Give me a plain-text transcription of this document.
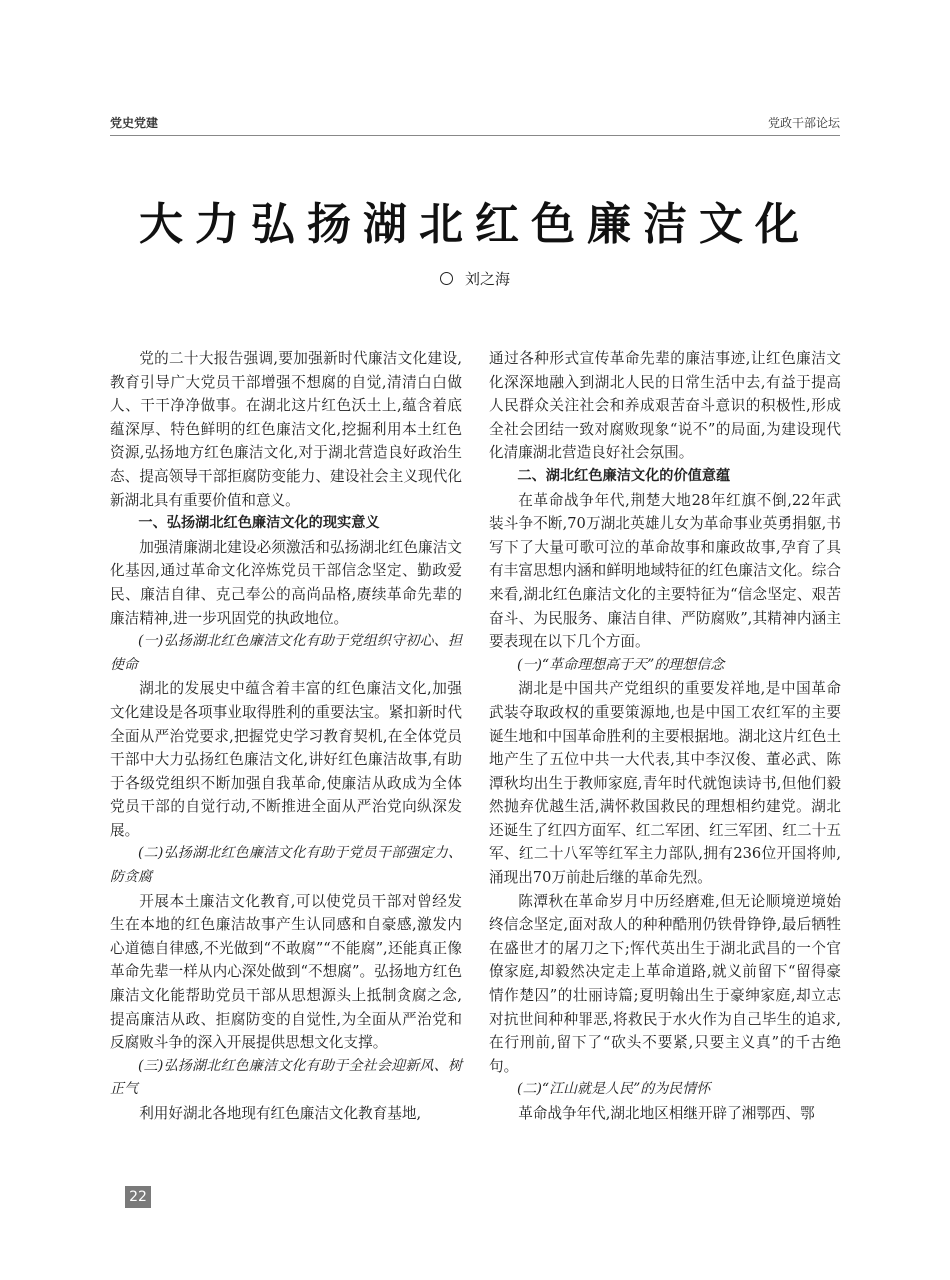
党史党建	党政干部论坛
大力弘扬湖北红色廉洁文化
刘之海

党的二十大报告强调,要加强新时代廉洁文化建设,教育引导广大党员干部增强不想腐的自觉,清清白白做人、干干净净做事。在湖北这片红色沃土上,蕴含着底蕴深厚、特色鲜明的红色廉洁文化,挖掘利用本土红色资源,弘扬地方红色廉洁文化,对于湖北营造良好政治生态、提高领导干部拒腐防变能力、建设社会主义现代化新湖北具有重要价值和意义。

一、弘扬湖北红色廉洁文化的现实意义

加强清廉湖北建设必须激活和弘扬湖北红色廉洁文化基因,通过革命文化淬炼党员干部信念坚定、勤政爱民、廉洁自律、克己奉公的高尚品格,赓续革命先辈的廉洁精神,进一步巩固党的执政地位。

(一)弘扬湖北红色廉洁文化有助于党组织守初心、担使命

湖北的发展史中蕴含着丰富的红色廉洁文化,加强文化建设是各项事业取得胜利的重要法宝。紧扣新时代全面从严治党要求,把握党史学习教育契机,在全体党员干部中大力弘扬红色廉洁文化,讲好红色廉洁故事,有助于各级党组织不断加强自我革命,使廉洁从政成为全体党员干部的自觉行动,不断推进全面从严治党向纵深发展。

(二)弘扬湖北红色廉洁文化有助于党员干部强定力、防贪腐

开展本土廉洁文化教育,可以使党员干部对曾经发生在本地的红色廉洁故事产生认同感和自豪感,激发内心道德自律感,不光做到“不敢腐”“不能腐”,还能真正像革命先辈一样从内心深处做到“不想腐”。弘扬地方红色廉洁文化能帮助党员干部从思想源头上抵制贪腐之念,提高廉洁从政、拒腐防变的自觉性,为全面从严治党和反腐败斗争的深入开展提供思想文化支撑。

(三)弘扬湖北红色廉洁文化有助于全社会迎新风、树正气

利用好湖北各地现有红色廉洁文化教育基地,

通过各种形式宣传革命先辈的廉洁事迹,让红色廉洁文化深深地融入到湖北人民的日常生活中去,有益于提高人民群众关注社会和养成艰苦奋斗意识的积极性,形成全社会团结一致对腐败现象“说不”的局面,为建设现代化清廉湖北营造良好社会氛围。

二、湖北红色廉洁文化的价值意蕴

在革命战争年代,荆楚大地28年红旗不倒,22年武装斗争不断,70万湖北英雄儿女为革命事业英勇捐躯,书写下了大量可歌可泣的革命故事和廉政故事,孕育了具有丰富思想内涵和鲜明地域特征的红色廉洁文化。综合来看,湖北红色廉洁文化的主要特征为“信念坚定、艰苦奋斗、为民服务、廉洁自律、严防腐败”,其精神内涵主要表现在以下几个方面。

(一)“革命理想高于天”的理想信念

湖北是中国共产党组织的重要发祥地,是中国革命武装夺取政权的重要策源地,也是中国工农红军的主要诞生地和中国革命胜利的主要根据地。湖北这片红色土地产生了五位中共一大代表,其中李汉俊、董必武、陈潭秋均出生于教师家庭,青年时代就饱读诗书,但他们毅然抛弃优越生活,满怀救国救民的理想相约建党。湖北还诞生了红四方面军、红二军团、红三军团、红二十五军、红二十八军等红军主力部队,拥有236位开国将帅,涌现出70万前赴后继的革命先烈。

陈潭秋在革命岁月中历经磨难,但无论顺境逆境始终信念坚定,面对敌人的种种酷刑仍铁骨铮铮,最后牺牲在盛世才的屠刀之下;恽代英出生于湖北武昌的一个官僚家庭,却毅然决定走上革命道路,就义前留下“留得豪情作楚囚”的壮丽诗篇;夏明翰出生于豪绅家庭,却立志对抗世间种种罪恶,将救民于水火作为自己毕生的追求,在行刑前,留下了“砍头不要紧,只要主义真”的千古绝句。

(二)“江山就是人民”的为民情怀

革命战争年代,湖北地区相继开辟了湘鄂西、鄂

22
